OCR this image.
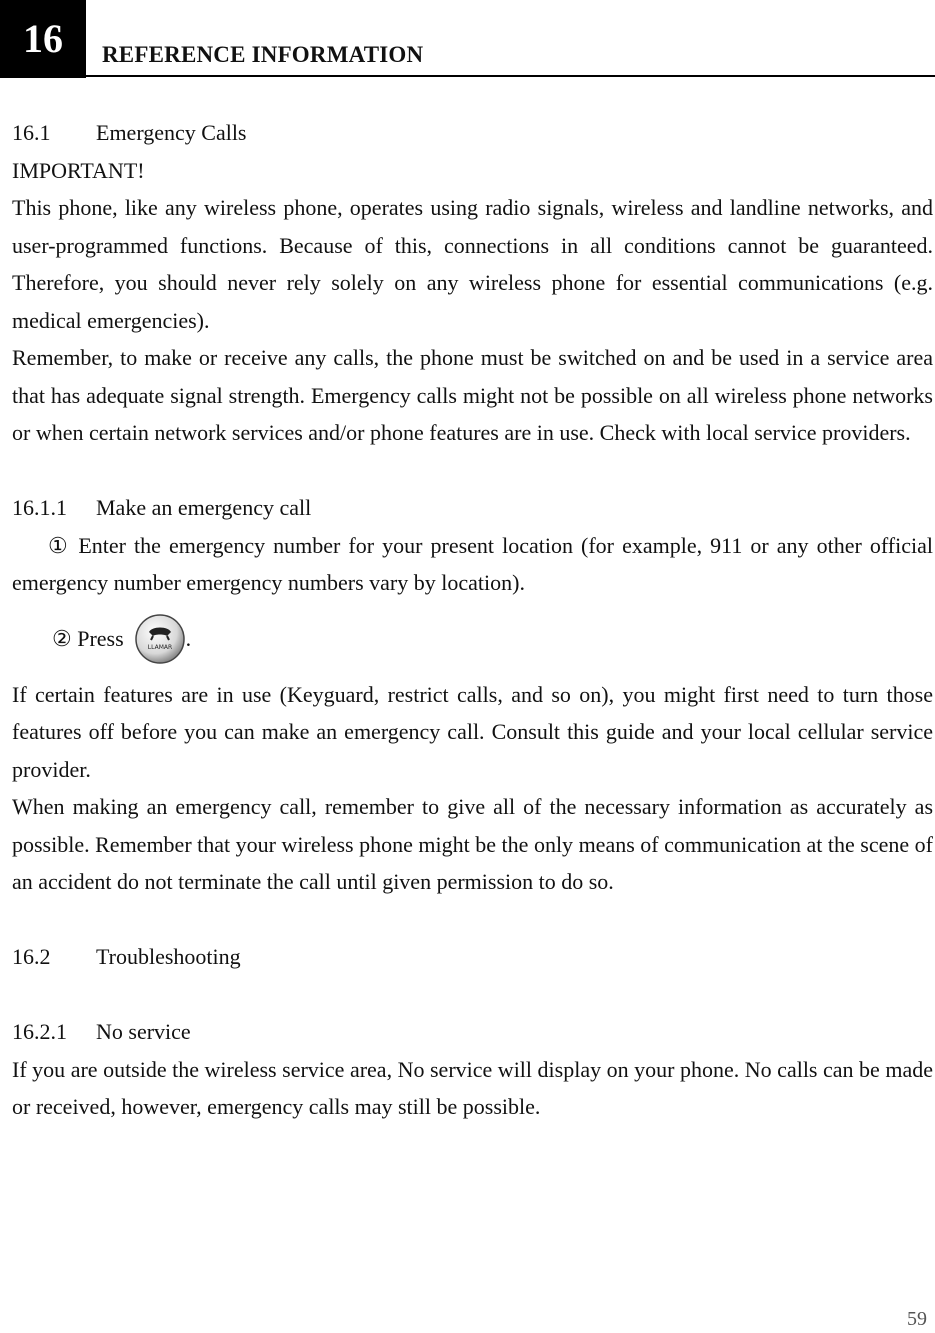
16	REFERENCE INFORMATION

16.1 Emergency Calls

IMPORTANT!

This phone, like any wireless phone, operates using radio signals, wireless and landline networks, and user-programmed functions. Because of this, connections in all conditions cannot be guaranteed. Therefore, you should never rely solely on any wireless phone for essential communications (e.g. medical emergencies).

Remember, to make or receive any calls, the phone must be switched on and be used in a service area that has adequate signal strength. Emergency calls might not be possible on all wireless phone networks or when certain network services and/or phone features are in use. Check with local service providers.

16.1.1 Make an emergency call

① Enter the emergency number for your present location (for example, 911 or any other official emergency number emergency numbers vary by location).

② Press	LLAMAR .

If certain features are in use (Keyguard, restrict calls, and so on), you might first need to turn those features off before you can make an emergency call. Consult this guide and your local cellular service provider.

When making an emergency call, remember to give all of the necessary information as accurately as possible. Remember that your wireless phone might be the only means of communication at the scene of an accident do not terminate the call until given permission to do so.

16.2 Troubleshooting

16.2.1 No service

If you are outside the wireless service area, No service will display on your phone. No calls can be made or received, however, emergency calls may still be possible.

59
